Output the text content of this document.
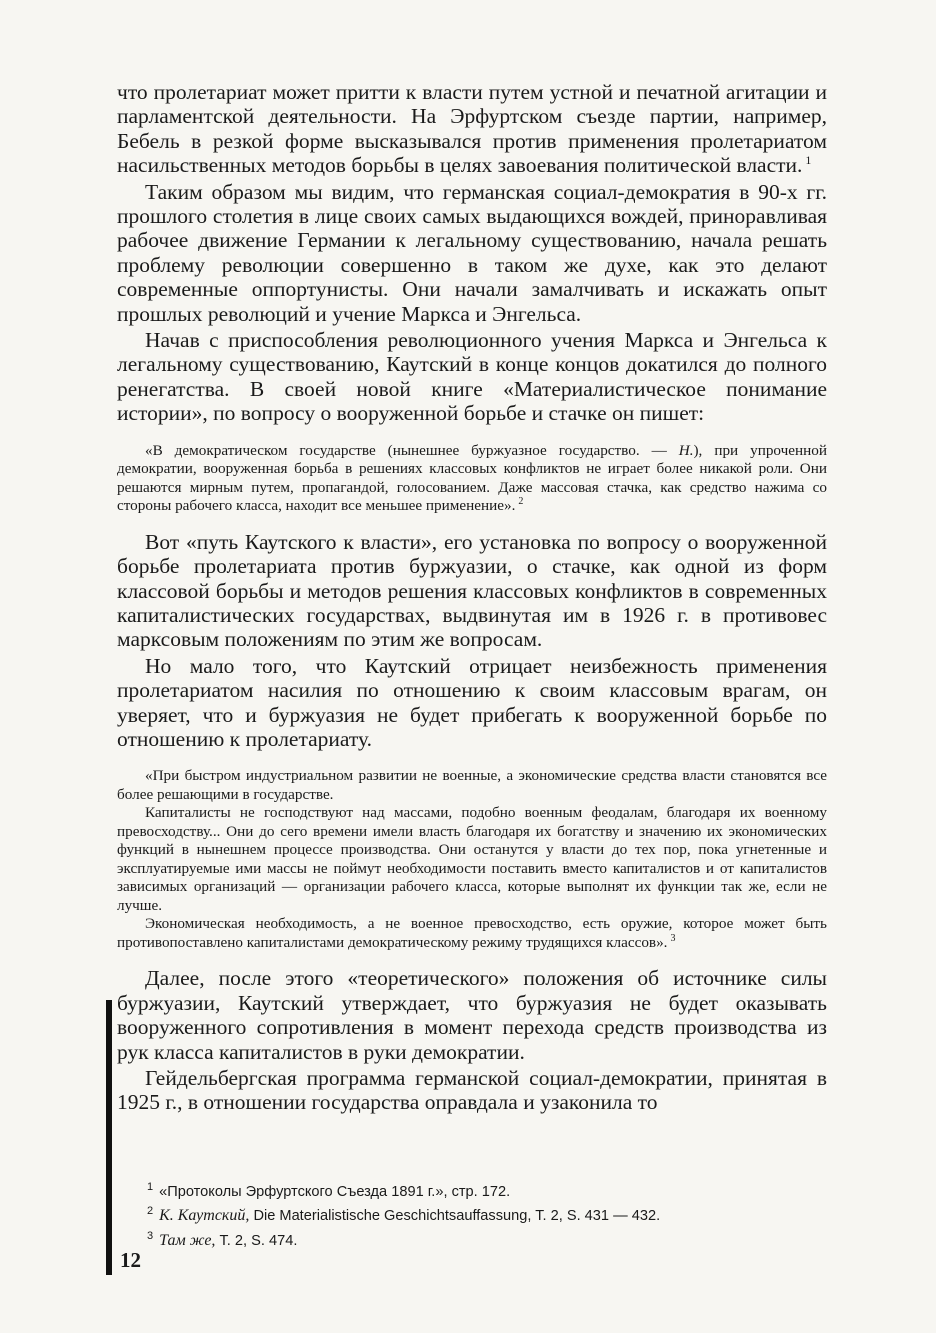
что пролетариат может притти к власти путем устной и печатной агитации и парламентской деятельности. На Эрфуртском съезде партии, например, Бебель в резкой форме высказывался против применения пролетариатом насильственных методов борьбы в целях завоевания политической власти. $^1$

Таким образом мы видим, что германская социал-демократия в 90-х гг. прошлого столетия в лице своих самых выдающихся вождей, приноравливая рабочее движение Германии к легальному существованию, начала решать проблему революции совершенно в таком же духе, как это делают современные оппортунисты. Они начали замалчивать и искажать опыт прошлых революций и учение Маркса и Энгельса.

Начав с приспособления революционного учения Маркса и Энгельса к легальному существованию, Каутский в конце концов докатился до полного ренегатства. В своей новой книге «Материалистическое понимание истории», по вопросу о вооруженной борьбе и стачке он пишет:

«В демократическом государстве (нынешнее буржуазное государство. — Н.), при упроченной демократии, вооруженная борьба в решениях классовых конфликтов не играет более никакой роли. Они решаются мирным путем, пропагандой, голосованием. Даже массовая стачка, как средство нажима со стороны рабочего класса, находит все меньшее применение». $^2$

Вот «путь Каутского к власти», его установка по вопросу о вооруженной борьбе пролетариата против буржуазии, о стачке, как одной из форм классовой борьбы и методов решения классовых конфликтов в современных капиталистических государствах, выдвинутая им в 1926 г. в противовес марксовым положениям по этим же вопросам.

Но мало того, что Каутский отрицает неизбежность применения пролетариатом насилия по отношению к своим классовым врагам, он уверяет, что и буржуазия не будет прибегать к вооруженной борьбе по отношению к пролетариату.

«При быстром индустриальном развитии не военные, а экономические средства власти становятся все более решающими в государстве.

Капиталисты не господствуют над массами, подобно военным феодалам, благодаря их военному превосходству... Они до сего времени имели власть благодаря их богатству и значению их экономических функций в нынешнем процессе производства. Они останутся у власти до тех пор, пока угнетенные и эксплуатируемые ими массы не поймут необходимости поставить вместо капиталистов и от капиталистов зависимых организаций — организации рабочего класса, которые выполнят их функции так же, если не лучше.

Экономическая необходимость, а не военное превосходство, есть оружие, которое может быть противопоставлено капиталистами демократическому режиму трудящихся классов». $^3$

Далее, после этого «теоретического» положения об источнике силы буржуазии, Каутский утверждает, что буржуазия не будет оказывать вооруженного сопротивления в момент перехода средств производства из рук класса капиталистов в руки демократии.

Гейдельбергская программа германской социал-демократии, принятая в 1925 г., в отношении государства оправдала и узаконила то

$^1$ «Протоколы Эрфуртского Съезда 1891 г.», стр. 172.

$^2$ К. Каутский, Die Materialistische Geschichtsauffassung, T. 2, S. 431 — 432.

$^3$ Там же, T. 2, S. 474.

12
